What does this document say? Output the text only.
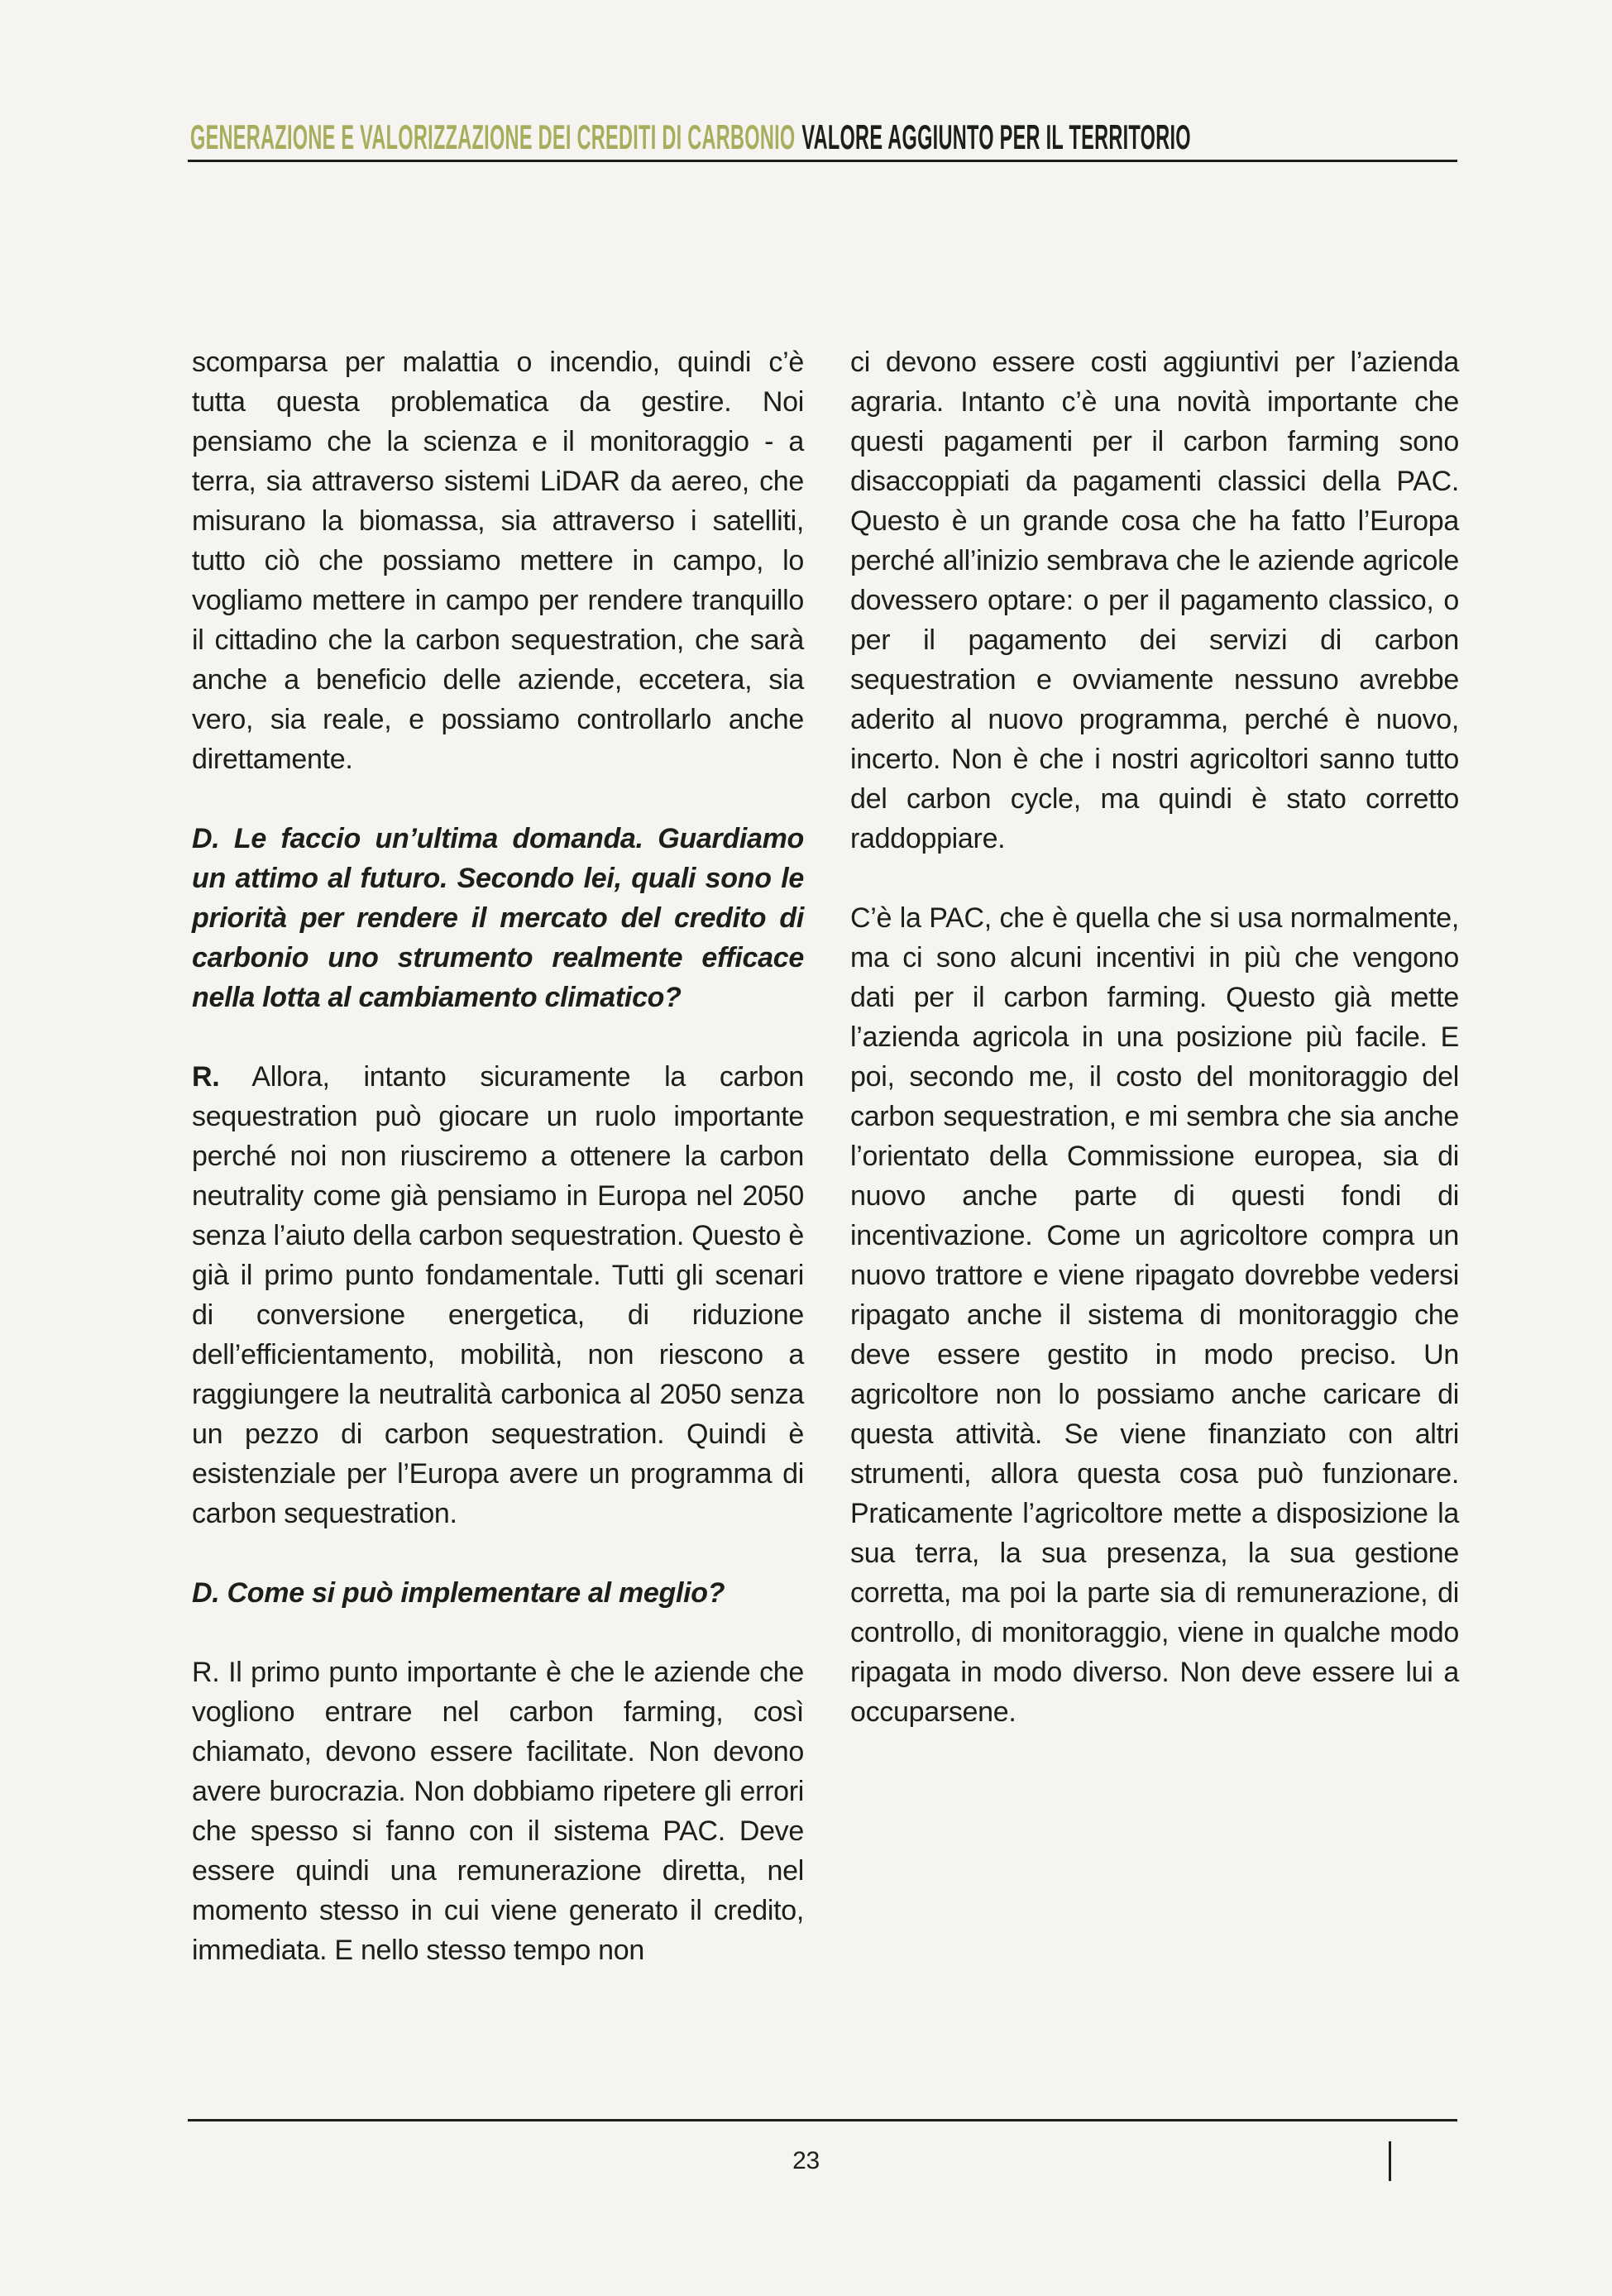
GENERAZIONE E VALORIZZAZIONE DEI CREDITI DI CARBONIO VALORE AGGIUNTO PER IL TERRITORIO

scomparsa per malattia o incendio, quindi c’è tutta questa problematica da gestire. Noi pensiamo che la scienza e il monitoraggio - a terra, sia attraverso sistemi LiDAR da aereo, che misurano la biomassa, sia attraverso i satelliti, tutto ciò che possiamo mettere in campo, lo vogliamo mettere in campo per rendere tranquillo il cittadino che la carbon sequestration, che sarà anche a beneficio delle aziende, eccetera, sia vero, sia reale, e possiamo controllarlo anche direttamente.

D. Le faccio un’ultima domanda. Guardiamo un attimo al futuro. Secondo lei, quali sono le priorità per rendere il mercato del credito di carbonio uno strumento realmente efficace nella lotta al cambiamento climatico?

R. Allora, intanto sicuramente la carbon sequestration può giocare un ruolo importante perché noi non riusciremo a ottenere la carbon neutrality come già pensiamo in Europa nel 2050 senza l’aiuto della carbon sequestration. Questo è già il primo punto fondamentale. Tutti gli scenari di conversione energetica, di riduzione dell’efficientamento, mobilità, non riescono a raggiungere la neutralità carbonica al 2050 senza un pezzo di carbon sequestration. Quindi è esistenziale per l’Europa avere un programma di carbon sequestration.

D. Come si può implementare al meglio?

R. Il primo punto importante è che le aziende che vogliono entrare nel carbon farming, così chiamato, devono essere facilitate. Non devono avere burocrazia. Non dobbiamo ripetere gli errori che spesso si fanno con il sistema PAC. Deve essere quindi una remunerazione diretta, nel momento stesso in cui viene generato il credito, immediata. E nello stesso tempo non

ci devono essere costi aggiuntivi per l’azienda agraria. Intanto c’è una novità importante che questi pagamenti per il carbon farming sono disaccoppiati da pagamenti classici della PAC. Questo è un grande cosa che ha fatto l’Europa perché all’inizio sembrava che le aziende agricole dovessero optare: o per il pagamento classico, o per il pagamento dei servizi di carbon sequestration e ovviamente nessuno avrebbe aderito al nuovo programma, perché è nuovo, incerto. Non è che i nostri agricoltori sanno tutto del carbon cycle, ma quindi è stato corretto raddoppiare.

C’è la PAC, che è quella che si usa normalmente, ma ci sono alcuni incentivi in più che vengono dati per il carbon farming. Questo già mette l’azienda agricola in una posizione più facile. E poi, secondo me, il costo del monitoraggio del carbon sequestration, e mi sembra che sia anche l’orientato della Commissione europea, sia di nuovo anche parte di questi fondi di incentivazione. Come un agricoltore compra un nuovo trattore e viene ripagato dovrebbe vedersi ripagato anche il sistema di monitoraggio che deve essere gestito in modo preciso. Un agricoltore non lo possiamo anche caricare di questa attività. Se viene finanziato con altri strumenti, allora questa cosa può funzionare. Praticamente l’agricoltore mette a disposizione la sua terra, la sua presenza, la sua gestione corretta, ma poi la parte sia di remunerazione, di controllo, di monitoraggio, viene in qualche modo ripagata in modo diverso. Non deve essere lui a occuparsene.

23
